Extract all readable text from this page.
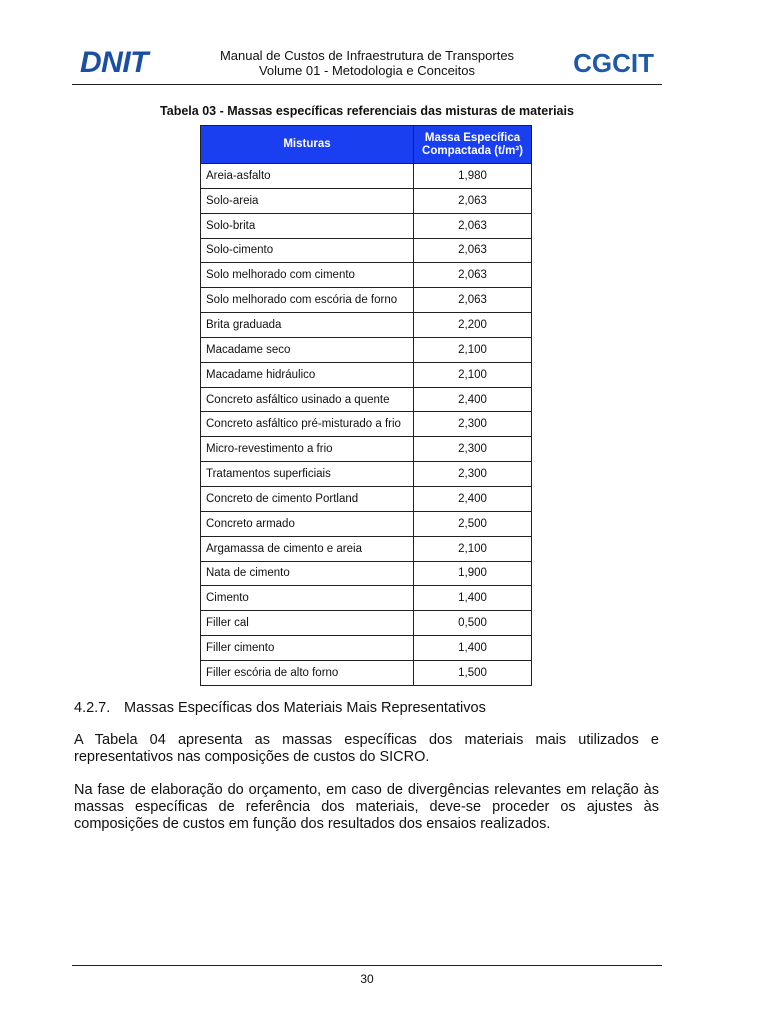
DNIT	Manual de Custos de Infraestrutura de Transportes
Volume 01 - Metodologia e Conceitos	CGCIT
Tabela 03 - Massas específicas referenciais das misturas de materiais
Misturas	Massa Específica
Compactada (t/m³)

Areia-asfalto	1,980
Solo-areia	2,063
Solo-brita	2,063
Solo-cimento	2,063
Solo melhorado com cimento	2,063
Solo melhorado com escória de forno	2,063
Brita graduada	2,200
Macadame seco	2,100
Macadame hidráulico	2,100
Concreto asfáltico usinado a quente	2,400
Concreto asfáltico pré-misturado a frio	2,300
Micro-revestimento a frio	2,300
Tratamentos superficiais	2,300
Concreto de cimento Portland	2,400
Concreto armado	2,500
Argamassa de cimento e areia	2,100
Nata de cimento	1,900
Cimento	1,400
Filler cal	0,500
Filler cimento	1,400
Filler escória de alto forno	1,500
4.2.7. Massas Específicas dos Materiais Mais Representativos
A Tabela 04 apresenta as massas específicas dos materiais mais utilizados e representativos nas composições de custos do SICRO.
Na fase de elaboração do orçamento, em caso de divergências relevantes em relação às massas específicas de referência dos materiais, deve-se proceder os ajustes às composições de custos em função dos resultados dos ensaios realizados.
30
